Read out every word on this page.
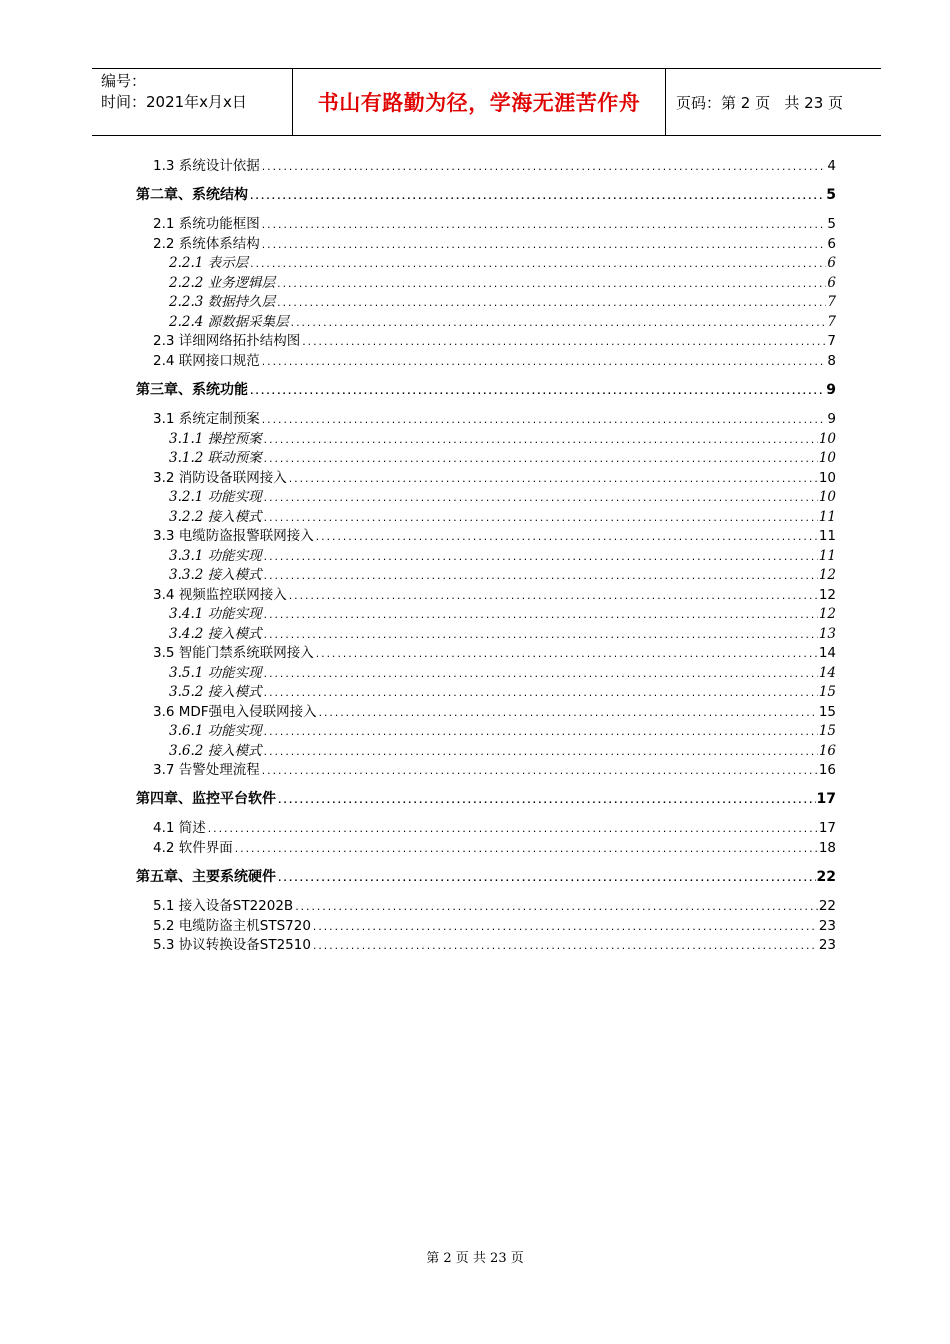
编号：
时间：2021年x月x日	书山有路勤为径，学海无涯苦作舟	页码：第 2 页   共 23 页
1.3 系统设计依据 .....	4
第二章、系统结构 .....	5
2.1 系统功能框图 .....	5
2.2 系统体系结构 .....	6
2.2.1 表示层 .....	6
2.2.2 业务逻辑层 .....	6
2.2.3 数据持久层 .....	7
2.2.4 源数据采集层 .....	7
2.3 详细网络拓扑结构图 .....	7
2.4 联网接口规范 .....	8
第三章、系统功能 .....	9
3.1 系统定制预案 .....	9
3.1.1 操控预案 .....	10
3.1.2 联动预案 .....	10
3.2 消防设备联网接入 .....	10
3.2.1 功能实现 .....	10
3.2.2 接入模式 .....	11
3.3 电缆防盗报警联网接入 .....	11
3.3.1 功能实现 .....	11
3.3.2 接入模式 .....	12
3.4 视频监控联网接入 .....	12
3.4.1 功能实现 .....	12
3.4.2 接入模式 .....	13
3.5 智能门禁系统联网接入 .....	14
3.5.1 功能实现 .....	14
3.5.2 接入模式 .....	15
3.6 MDF强电入侵联网接入 .....	15
3.6.1 功能实现 .....	15
3.6.2 接入模式 .....	16
3.7 告警处理流程 .....	16
第四章、监控平台软件 .....	17
4.1 简述 .....	17
4.2 软件界面 .....	18
第五章、主要系统硬件 .....	22
5.1 接入设备ST2202B .....	22
5.2 电缆防盗主机STS720 .....	23
5.3 协议转换设备ST2510 .....	23
第 2 页 共 23 页
